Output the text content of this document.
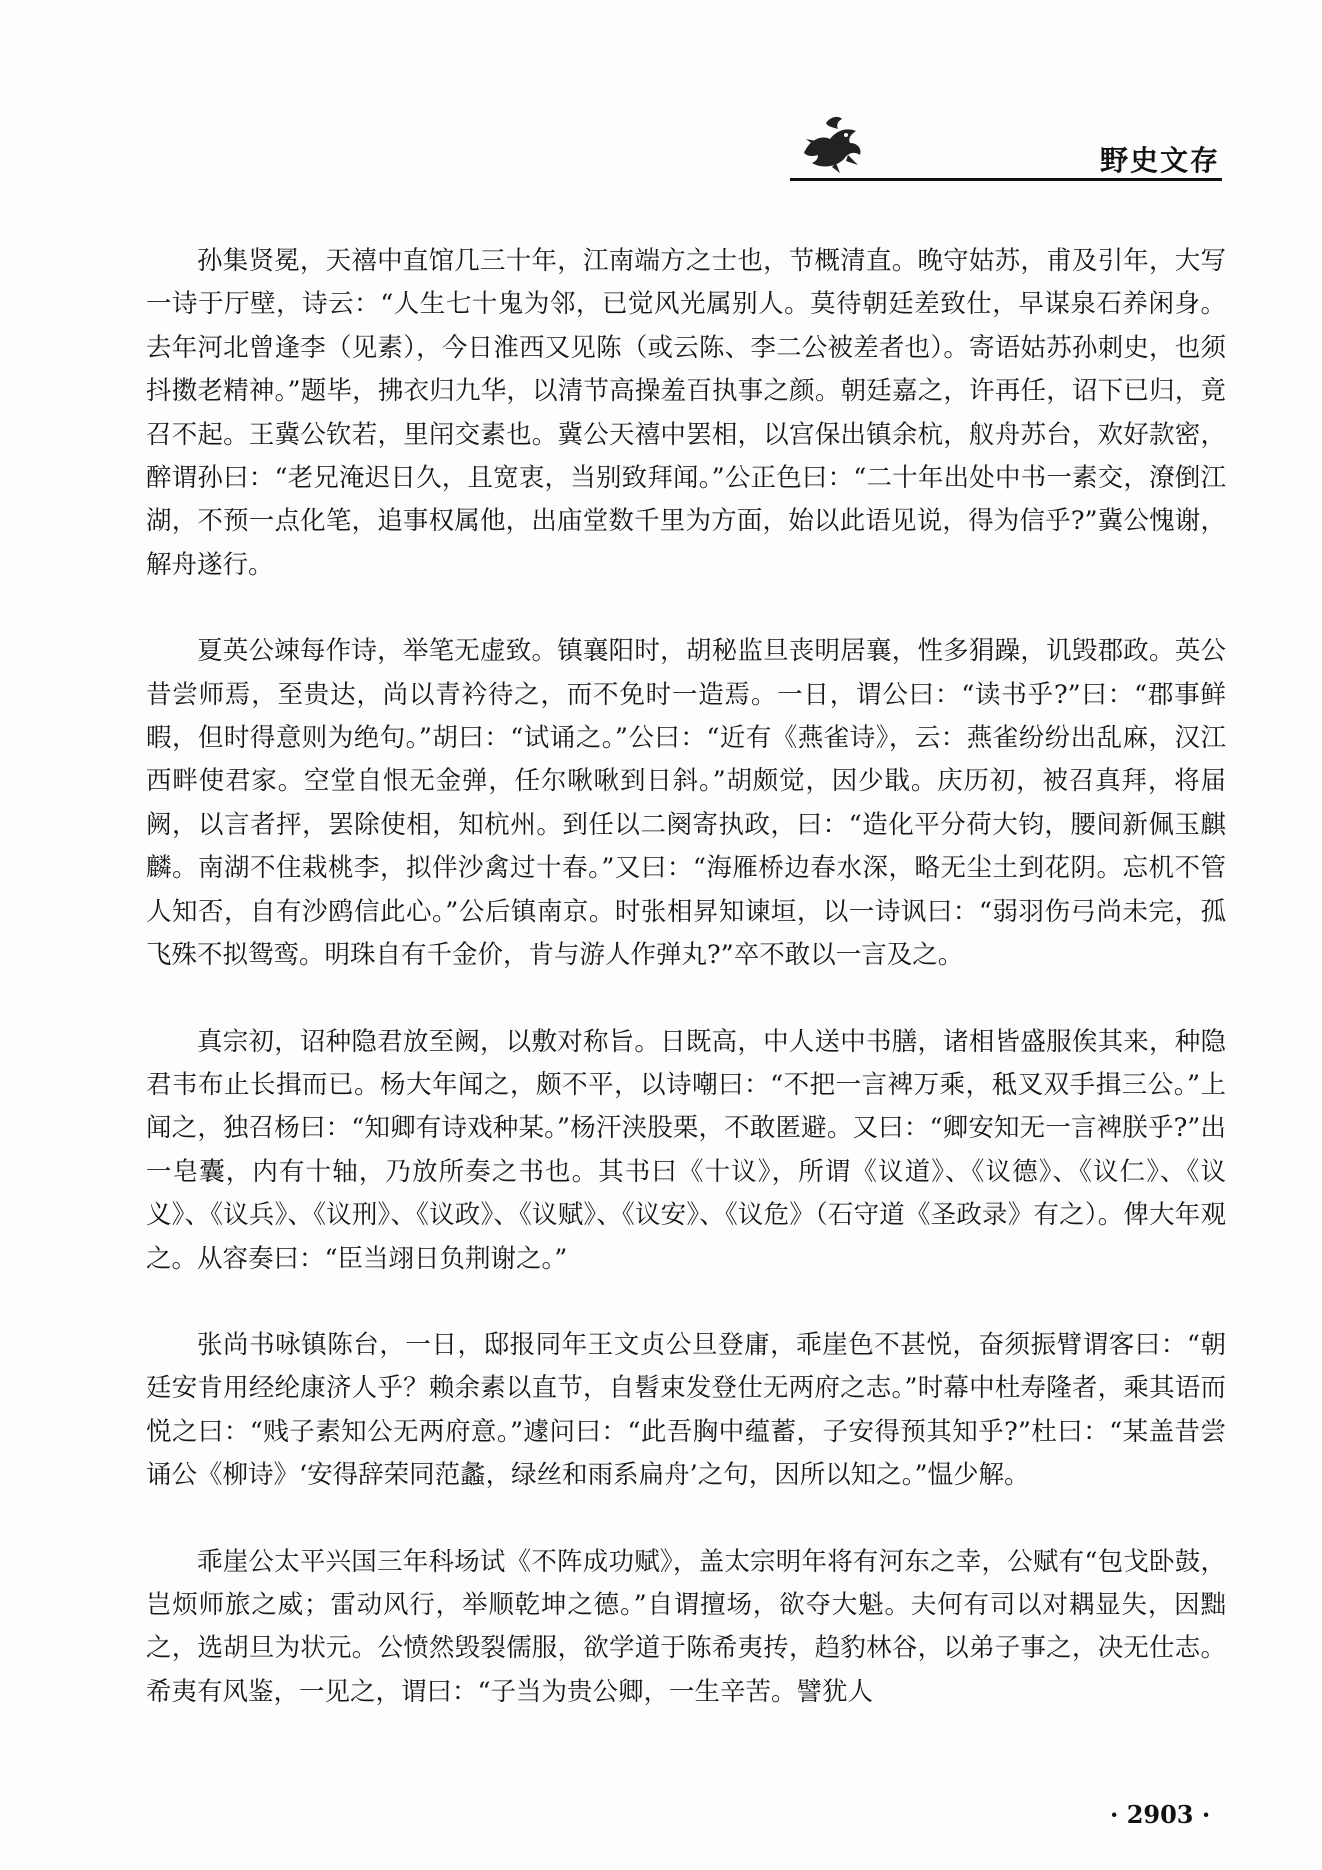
野史文存

孙集贤冕，天禧中直馆几三十年，江南端方之士也，节概清直。晚守姑苏，甫及引年，大写一诗于厅壁，诗云：“人生七十鬼为邻，已觉风光属别人。莫待朝廷差致仕，早谋泉石养闲身。去年河北曾逢李（见素），今日淮西又见陈（或云陈、李二公被差者也）。寄语姑苏孙刺史，也须抖擞老精神。”题毕，拂衣归九华，以清节高操羞百执事之颜。朝廷嘉之，许再任，诏下已归，竟召不起。王冀公钦若，里闬交素也。冀公天禧中罢相，以宫保出镇余杭，舣舟苏台，欢好款密，醉谓孙曰：“老兄淹迟日久，且宽衷，当别致拜闻。”公正色曰：“二十年出处中书一素交，潦倒江湖，不预一点化笔，追事权属他，出庙堂数千里为方面，始以此语见说，得为信乎?”冀公愧谢，解舟遂行。

夏英公竦每作诗，举笔无虚致。镇襄阳时，胡秘监旦丧明居襄，性多狷躁，讥毁郡政。英公昔尝师焉，至贵达，尚以青衿待之，而不免时一造焉。一日，谓公曰：“读书乎?”曰：“郡事鲜暇，但时得意则为绝句。”胡曰：“试诵之。”公曰：“近有《燕雀诗》，云：燕雀纷纷出乱麻，汉江西畔使君家。空堂自恨无金弹，任尔啾啾到日斜。”胡颇觉，因少戢。庆历初，被召真拜，将届阙，以言者抨，罢除使相，知杭州。到任以二阕寄执政，曰：“造化平分荷大钧，腰间新佩玉麒麟。南湖不住栽桃李，拟伴沙禽过十春。”又曰：“海雁桥边春水深，略无尘土到花阴。忘机不管人知否，自有沙鸥信此心。”公后镇南京。时张相昇知谏垣，以一诗讽曰：“弱羽伤弓尚未完，孤飞殊不拟鸳鸾。明珠自有千金价，肯与游人作弹丸?”卒不敢以一言及之。

真宗初，诏种隐君放至阙，以敷对称旨。日既高，中人送中书膳，诸相皆盛服俟其来，种隐君韦布止长揖而已。杨大年闻之，颇不平，以诗嘲曰：“不把一言裨万乘，秪叉双手揖三公。”上闻之，独召杨曰：“知卿有诗戏种某。”杨汗浃股栗，不敢匿避。又曰：“卿安知无一言裨朕乎?”出一皂囊，内有十轴，乃放所奏之书也。其书曰《十议》，所谓《议道》、《议德》、《议仁》、《议义》、《议兵》、《议刑》、《议政》、《议赋》、《议安》、《议危》（石守道《圣政录》有之）。俾大年观之。从容奏曰：“臣当翊日负荆谢之。”

张尚书咏镇陈台，一日，邸报同年王文贞公旦登庸，乖崖色不甚悦，奋须振臂谓客曰：“朝廷安肯用经纶康济人乎？赖余素以直节，自髫束发登仕无两府之志。”时幕中杜寿隆者，乘其语而悦之曰：“贱子素知公无两府意。”遽问曰：“此吾胸中蕴蓄，子安得预其知乎?”杜曰：“某盖昔尝诵公《柳诗》‘安得辞荣同范蠡，绿丝和雨系扁舟’之句，因所以知之。”愠少解。

乖崖公太平兴国三年科场试《不阵成功赋》，盖太宗明年将有河东之幸，公赋有“包戈卧鼓，岂烦师旅之威；雷动风行，举顺乾坤之德。”自谓擅场，欲夺大魁。夫何有司以对耦显失，因黜之，选胡旦为状元。公愤然毁裂儒服，欲学道于陈希夷抟，趋豹林谷，以弟子事之，决无仕志。希夷有风鉴，一见之，谓曰：“子当为贵公卿，一生辛苦。譬犹人

· 2903 ·
